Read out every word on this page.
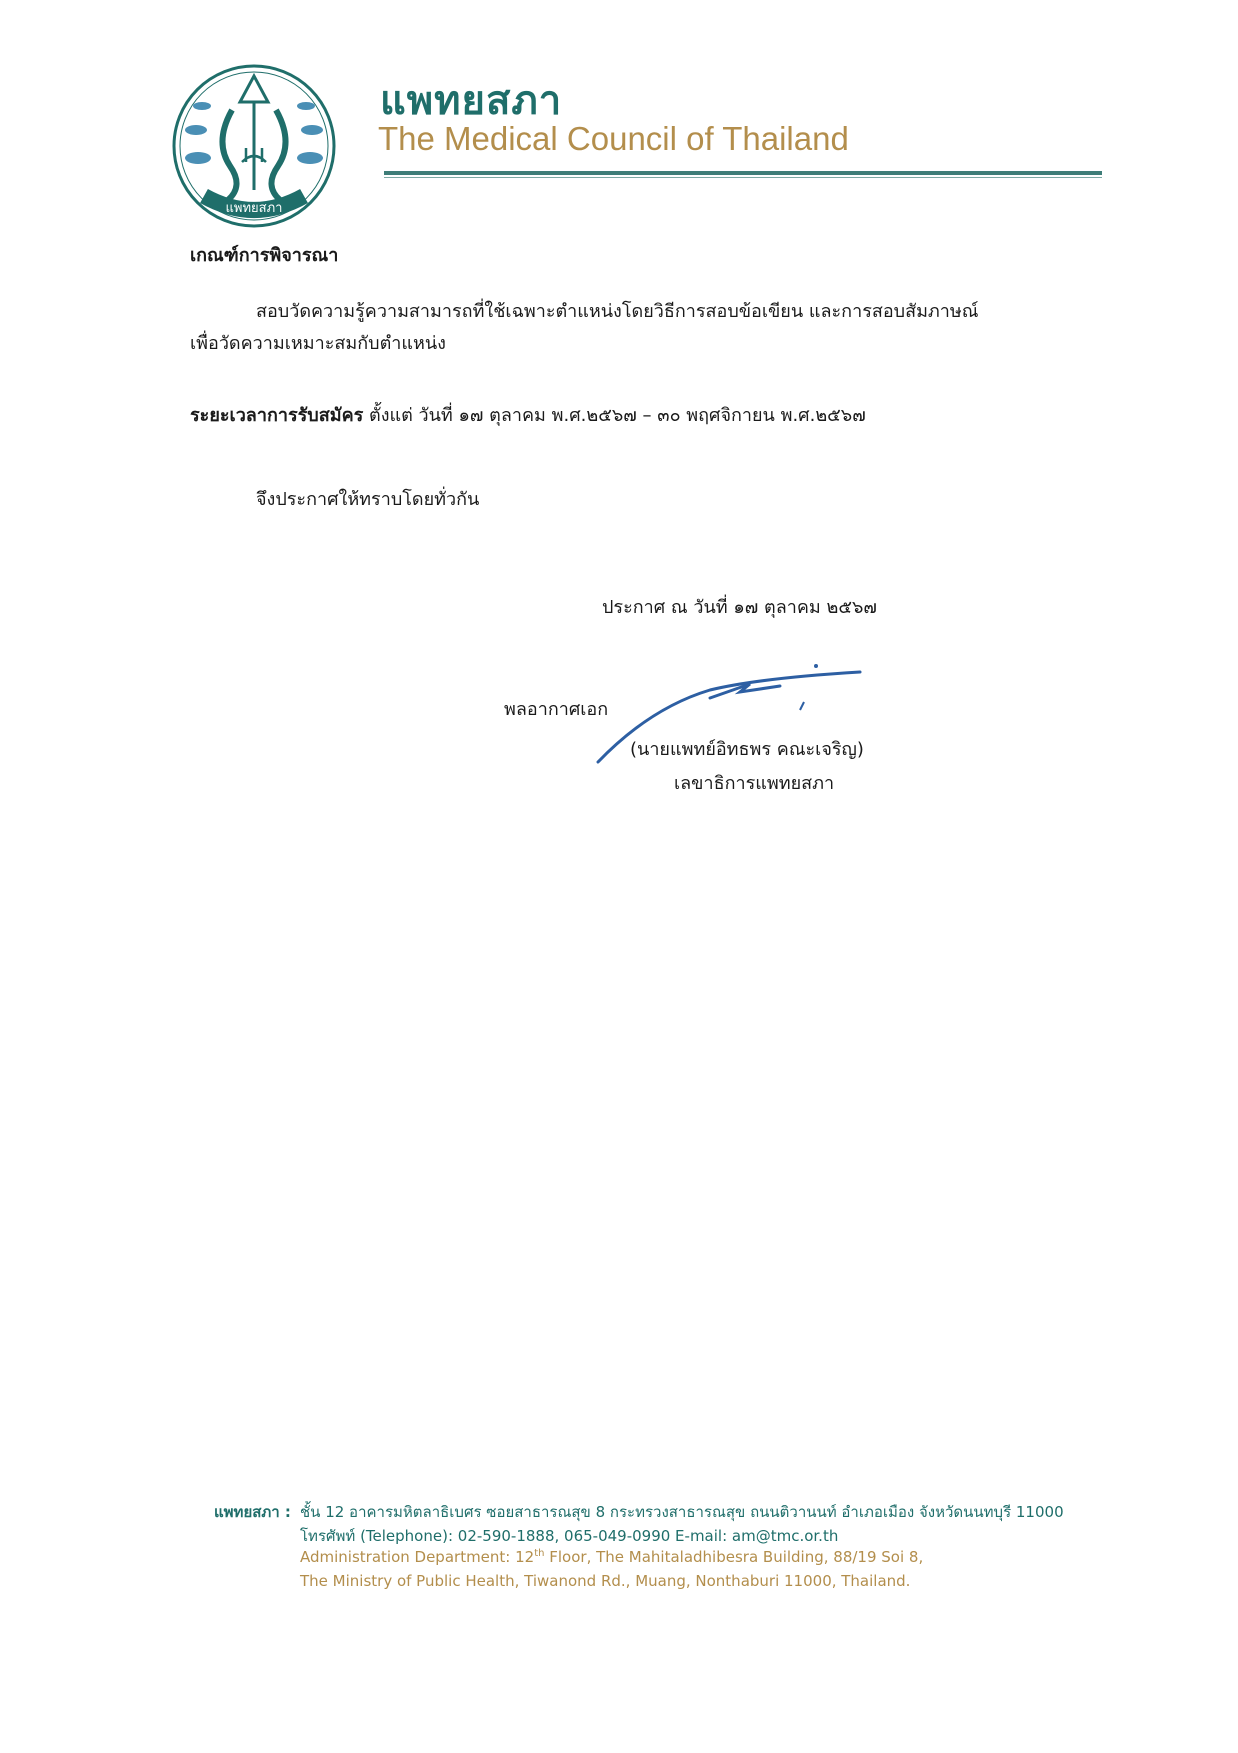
แพทยสภา
แพทยสภา
The Medical Council of Thailand
เกณฑ์การพิจารณา
สอบวัดความรู้ความสามารถที่ใช้เฉพาะตำแหน่งโดยวิธีการสอบข้อเขียน และการสอบสัมภาษณ์
เพื่อวัดความเหมาะสมกับตำแหน่ง
ระยะเวลาการรับสมัคร ตั้งแต่ วันที่ ๑๗ ตุลาคม พ.ศ.๒๕๖๗ – ๓๐ พฤศจิกายน พ.ศ.๒๕๖๗
จึงประกาศให้ทราบโดยทั่วกัน
ประกาศ ณ วันที่ ๑๗ ตุลาคม ๒๕๖๗
พลอากาศเอก
(นายแพทย์อิทธพร คณะเจริญ)
เลขาธิการแพทยสภา
แพทยสภา : ชั้น 12 อาคารมหิตลาธิเบศร ซอยสาธารณสุข 8 กระทรวงสาธารณสุข ถนนติวานนท์ อำเภอเมือง จังหวัดนนทบุรี 11000
โทรศัพท์ (Telephone): 02-590-1888, 065-049-0990 E-mail: am@tmc.or.th
Administration Department: 12th Floor, The Mahitaladhibesra Building, 88/19 Soi 8,
The Ministry of Public Health, Tiwanond Rd., Muang, Nonthaburi 11000, Thailand.
